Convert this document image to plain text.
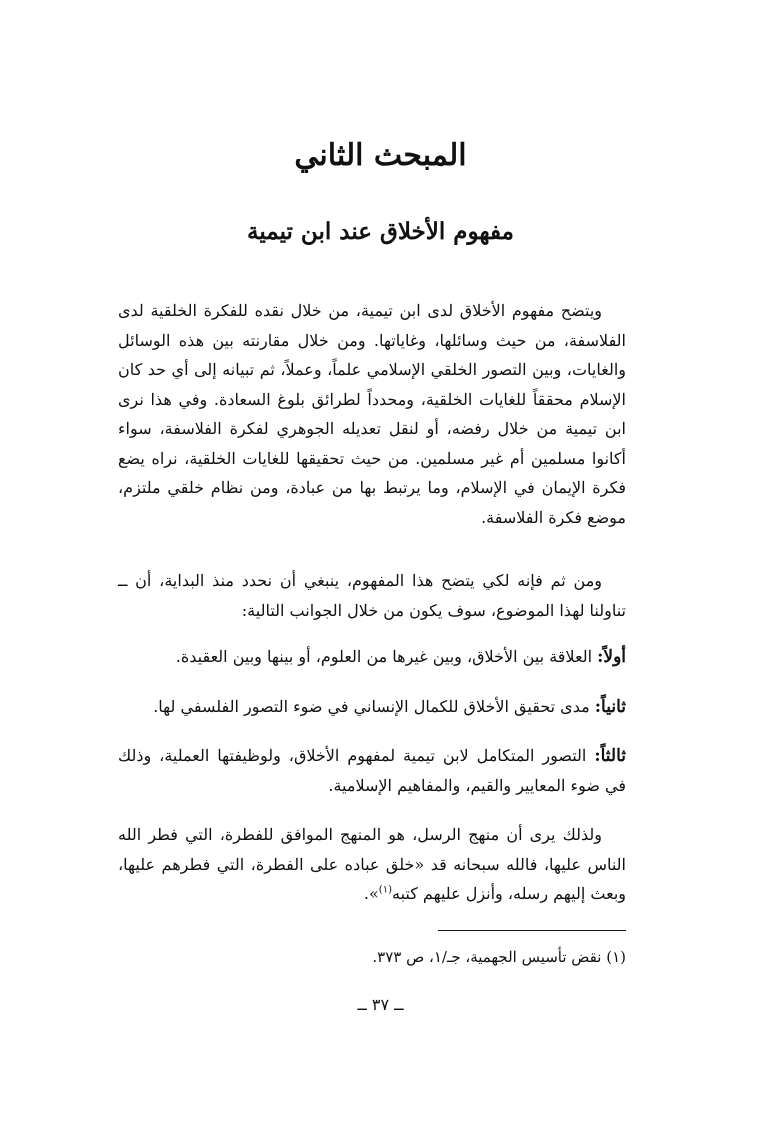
المبحث الثاني
مفهوم الأخلاق عند ابن تيمية

ويتضح مفهوم الأخلاق لدى ابن تيمية، من خلال نقده للفكرة الخلقية لدى الفلاسفة، من حيث وسائلها، وغاياتها. ومن خلال مقارنته بين هذه الوسائل والغايات، وبين التصور الخلقي الإسلامي علماً، وعملاً، ثم تبيانه إلى أي حد كان الإسلام محققاً للغايات الخلقية، ومحدداً لطرائق بلوغ السعادة. وفي هذا نرى ابن تيمية من خلال رفضه، أو لنقل تعديله الجوهري لفكرة الفلاسفة، سواء أكانوا مسلمين أم غير مسلمين. من حيث تحقيقها للغايات الخلقية، نراه يضع فكرة الإيمان في الإسلام، وما يرتبط بها من عبادة، ومن نظام خلقي ملتزم، موضع فكرة الفلاسفة.

ومن ثم فإنه لكي يتضح هذا المفهوم، ينبغي أن نحدد منذ البداية، أن ــ تناولنا لهذا الموضوع، سوف يكون من خلال الجوانب التالية:

أولاً: العلاقة بين الأخلاق، وبين غيرها من العلوم، أو بينها وبين العقيدة.

ثانياً: مدى تحقيق الأخلاق للكمال الإنساني في ضوء التصور الفلسفي لها.

ثالثاً: التصور المتكامل لابن تيمية لمفهوم الأخلاق، ولوظيفتها العملية، وذلك في ضوء المعايير والقيم، والمفاهيم الإسلامية.

ولذلك يرى أن منهج الرسل، هو المنهج الموافق للفطرة، التي فطر الله الناس عليها، فالله سبحانه قد «خلق عباده على الفطرة، التي فطرهم عليها، وبعث إليهم رسله، وأنزل عليهم كتبه$^{(١)}$».

(١) نقض تأسيس الجهمية، جـ/١، ص ٣٧٣.

ــ ٣٧ ــ
